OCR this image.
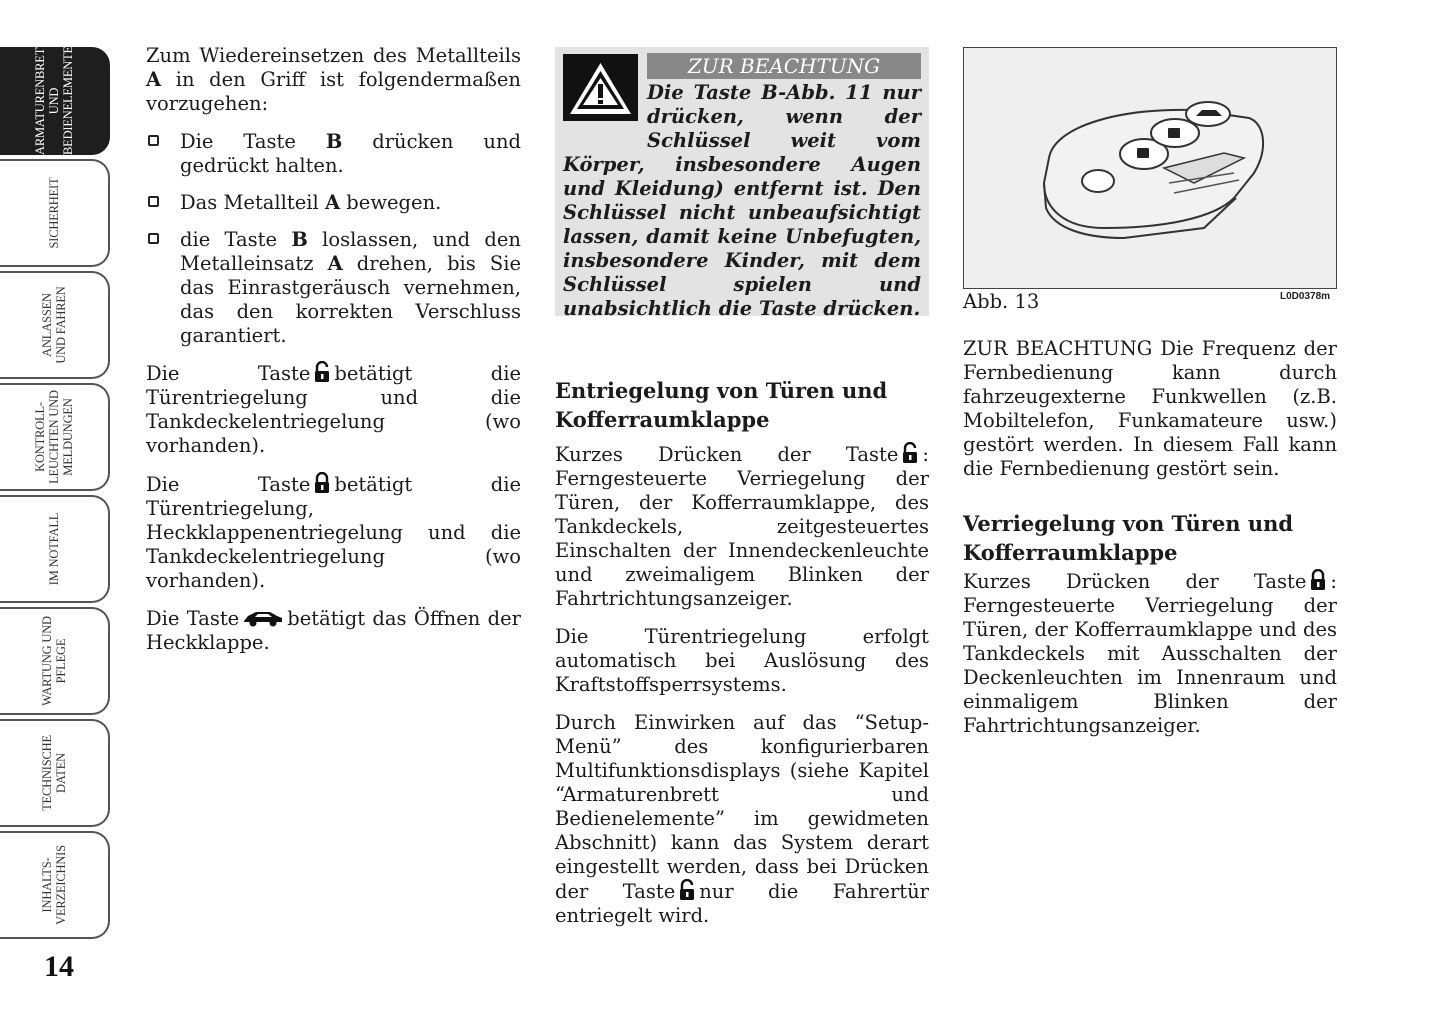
ARMATURENBRETT
UND
BEDIENELEMENTE
SICHERHEIT
ANLASSEN
UND FAHREN
KONTROLL-
LEUCHTEN UND
MELDUNGEN
IM NOTFALL
WARTUNG UND
PFLEGE
TECHNISCHE
DATEN
INHALTS-
VERZEICHNIS
14

Zum Wiedereinsetzen des Metallteils A in den Griff ist folgendermaßen vorzugehen:

Die Taste B drücken und gedrückt halten.
Das Metallteil A bewegen.
die Taste B loslassen, und den Metalleinsatz A drehen, bis Sie das Einrastgeräusch vernehmen, das den korrekten Verschluss garantiert.

Die Taste betätigt die Türentriegelung und die Tankdeckelentriegelung (wo vorhanden).

Die Taste betätigt die Türentriegelung, Heckklappenentriegelung und die Tankdeckelentriegelung (wo vorhanden).

Die Taste betätigt das Öffnen der Heckklappe.

ZUR BEACHTUNG
Die Taste B-Abb. 11 nur drücken, wenn der Schlüssel weit vom Körper, insbesondere Augen und Kleidung) entfernt ist. Den Schlüssel nicht unbeaufsichtigt lassen, damit keine Unbefugten, insbesondere Kinder, mit dem Schlüssel spielen und unabsichtlich die Taste drücken.
Entriegelung von Türen und Kofferraumklappe

Kurzes Drücken der Taste : Ferngesteuerte Verriegelung der Türen, der Kofferraumklappe, des Tankdeckels, zeitgesteuertes Einschalten der Innendeckenleuchte und zweimaligem Blinken der Fahrtrichtungsanzeiger.

Die Türentriegelung erfolgt automatisch bei Auslösung des Kraftstoffsperrsystems.

Durch Einwirken auf das “Setup-Menü” des konfigurierbaren Multifunktionsdisplays (siehe Kapitel “Armaturenbrett und Bedienelemente” im gewidmeten Abschnitt) kann das System derart eingestellt werden, dass bei Drücken der Taste nur die Fahrertür entriegelt wird.

Abb. 13	L0D0378m

ZUR BEACHTUNG Die Frequenz der Fernbedienung kann durch fahrzeugexterne Funkwellen (z.B. Mobiltelefon, Funkamateure usw.) gestört werden. In diesem Fall kann die Fernbedienung gestört sein.

Verriegelung von Türen und Kofferraumklappe

Kurzes Drücken der Taste : Ferngesteuerte Verriegelung der Türen, der Kofferraumklappe und des Tankdeckels mit Ausschalten der Deckenleuchten im Innenraum und einmaligem Blinken der Fahrtrichtungsanzeiger.
